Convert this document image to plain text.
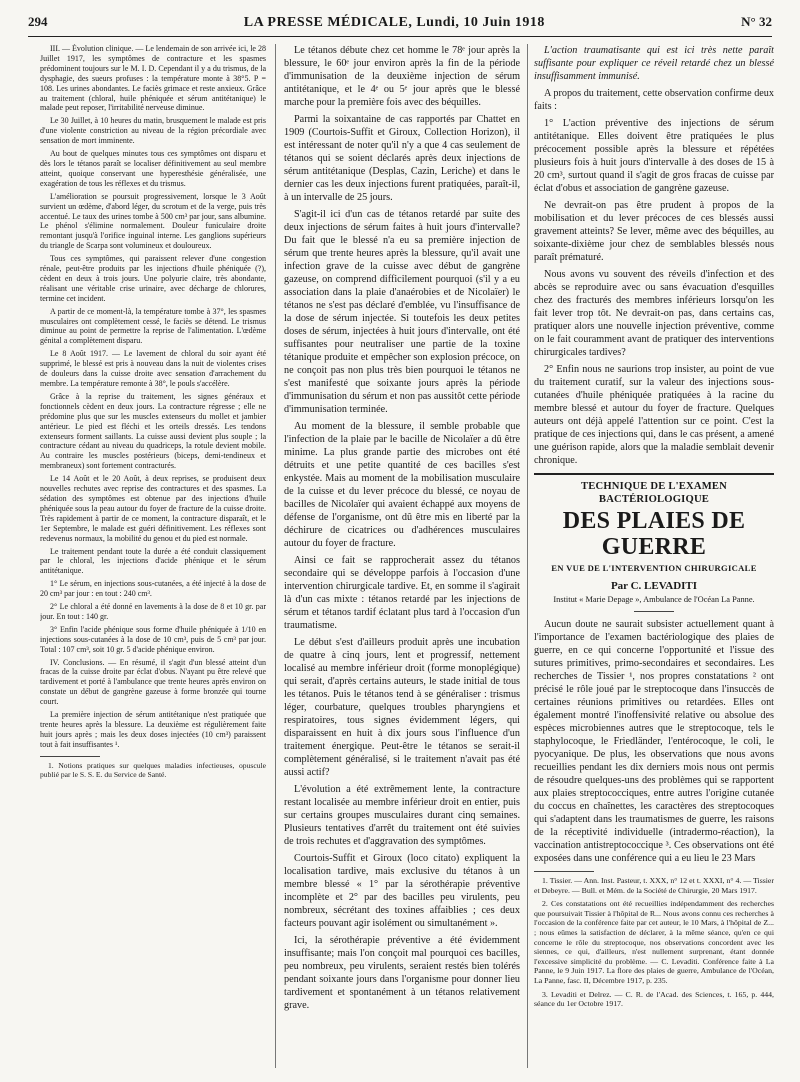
294	LA PRESSE MÉDICALE, Lundi, 10 Juin 1918	N° 32

III. — Évolution clinique. — Le lendemain de son arrivée ici, le 28 Juillet 1917, les symptômes de contracture et les spasmes prédominent toujours sur le M. I. D. Cependant il y a du trismus, de la dysphagie, des sueurs profuses : la température monte à 38°5. P = 108. Les urines abondantes. Le faciès grimace et reste anxieux. Grâce au traitement (chloral, huile phéniquée et sérum antitétanique) le malade peut reposer, l'irritabilité nerveuse diminue.

Le 30 Juillet, à 10 heures du matin, brusquement le malade est pris d'une violente constriction au niveau de la région précordiale avec sensation de mort imminente.

Au bout de quelques minutes tous ces symptômes ont disparu et dès lors le tétanos paraît se localiser définitivement au seul membre atteint, quoique conservant une hyperesthésie généralisée, une exagération de tous les réflexes et du trismus.

L'amélioration se poursuit progressivement, lorsque le 3 Août survient un œdème, d'abord léger, du scrotum et de la verge, puis très accentué. Le taux des urines tombe à 500 cm³ par jour, sans albumine. Le phénol s'élimine normalement. Douleur funiculaire droite remontant jusqu'à l'orifice inguinal interne. Les ganglions supérieurs du triangle de Scarpa sont volumineux et douloureux.

Tous ces symptômes, qui paraissent relever d'une congestion rénale, peut-être produits par les injections d'huile phéniquée (?), cèdent en deux à trois jours. Une polyurie claire, très abondante, réalisant une véritable crise urinaire, avec décharge de chlorures, termine cet incident.

A partir de ce moment-là, la température tombe à 37°, les spasmes musculaires ont complètement cessé, le faciès se détend. Le trismus diminue au point de permettre la reprise de l'alimentation. L'œdème génital a complètement disparu.

Le 8 Août 1917. — Le lavement de chloral du soir ayant été supprimé, le blessé est pris à nouveau dans la nuit de violentes crises de douleurs dans la cuisse droite avec sensation d'arrachement du membre. La température remonte à 38°, le pouls s'accélère.

Grâce à la reprise du traitement, les signes généraux et fonctionnels cèdent en deux jours. La contracture régresse ; elle ne prédomine plus que sur les muscles extenseurs du mollet et jambier antérieur. Le pied est fléchi et les orteils dressés. Les tendons extenseurs forment saillants. La cuisse aussi devient plus souple ; la contracture cédant au niveau du quadriceps, la rotule devient mobile. Au contraire les muscles postérieurs (biceps, demi-tendineux et membraneux) sont fortement contracturés.

Le 14 Août et le 20 Août, à deux reprises, se produisent deux nouvelles rechutes avec reprise des contractures et des spasmes. La sédation des symptômes est obtenue par des injections d'huile phéniquée sous la peau autour du foyer de fracture de la cuisse droite. Très rapidement à partir de ce moment, la contracture disparaît, et le 1er Septembre, le malade est guéri définitivement. Les réflexes sont redevenus normaux, la mobilité du genou et du pied est normale.

Le traitement pendant toute la durée a été conduit classiquement par le chloral, les injections d'acide phénique et le sérum antitétanique.

1° Le sérum, en injections sous-cutanées, a été injecté à la dose de 20 cm³ par jour : en tout : 240 cm³.

2° Le chloral a été donné en lavements à la dose de 8 et 10 gr. par jour. En tout : 140 gr.

3° Enfin l'acide phénique sous forme d'huile phéniquée à 1/10 en injections sous-cutanées à la dose de 10 cm³, puis de 5 cm³ par jour. Total : 107 cm³, soit 10 gr. 5 d'acide phénique environ.

IV. Conclusions. — En résumé, il s'agit d'un blessé atteint d'un fracas de la cuisse droite par éclat d'obus. N'ayant pu être relevé que tardivement et porté à l'ambulance que trente heures après environ on constate un début de gangrène gazeuse à forme bronzée qui tourne court.

La première injection de sérum antitétanique n'est pratiquée que trente heures après la blessure. La deuxième est régulièrement faite huit jours après ; mais les deux doses injectées (10 cm³) paraissent tout à fait insuffisantes ¹.

1. Notions pratiques sur quelques maladies infectieuses, opuscule publié par le S. S. E. du Service de Santé.

Le tétanos débute chez cet homme le 78ᵉ jour après la blessure, le 60ᵉ jour environ après la fin de la période d'immunisation de la deuxième injection de sérum antitétanique, et le 4ᵉ ou 5ᵉ jour après que le blessé marche pour la première fois avec des béquilles.

Parmi la soixantaine de cas rapportés par Chattet en 1909 (Courtois-Suffit et Giroux, Collection Horizon), il est intéressant de noter qu'il n'y a que 4 cas seulement de tétanos qui se soient déclarés après deux injections de sérum antitétanique (Desplas, Cazin, Leriche) et dans le dernier cas les deux injections furent pratiquées, paraît-il, à un intervalle de 25 jours.

S'agit-il ici d'un cas de tétanos retardé par suite des deux injections de sérum faites à huit jours d'intervalle? Du fait que le blessé n'a eu sa première injection de sérum que trente heures après la blessure, qu'il avait une infection grave de la cuisse avec début de gangrène gazeuse, on comprend difficilement pourquoi (s'il y a eu association dans la plaie d'anaérobies et de Nicolaïer) le tétanos ne s'est pas déclaré d'emblée, vu l'insuffisance de la dose de sérum injectée. Si toutefois les deux petites doses de sérum, injectées à huit jours d'intervalle, ont été suffisantes pour neutraliser une partie de la toxine tétanique produite et empêcher son explosion précoce, on ne conçoit pas non plus très bien pourquoi le tétanos ne s'est manifesté que soixante jours après la période d'immunisation du sérum et non pas aussitôt cette période d'immunisation terminée.

Au moment de la blessure, il semble probable que l'infection de la plaie par le bacille de Nicolaïer a dû être minime. La plus grande partie des microbes ont été détruits et une petite quantité de ces bacilles s'est enkystée. Mais au moment de la mobilisation musculaire de la cuisse et du lever précoce du blessé, ce noyau de bacilles de Nicolaïer qui avaient échappé aux moyens de défense de l'organisme, ont dû être mis en liberté par la déchirure de cicatrices ou d'adhérences musculaires autour du foyer de fracture.

Ainsi ce fait se rapprocherait assez du tétanos secondaire qui se développe parfois à l'occasion d'une intervention chirurgicale tardive. Et, en somme il s'agirait là d'un cas mixte : tétanos retardé par les injections de sérum et tétanos tardif éclatant plus tard à l'occasion d'un traumatisme.

Le début s'est d'ailleurs produit après une incubation de quatre à cinq jours, lent et progressif, nettement localisé au membre inférieur droit (forme monoplégique) qui serait, d'après certains auteurs, le stade initial de tous les tétanos. Puis le tétanos tend à se généraliser : trismus léger, courbature, quelques troubles pharyngiens et respiratoires, tous signes évidemment légers, qui disparaissent en huit à dix jours sous l'influence d'un traitement énergique. Peut-être le tétanos se serait-il complètement généralisé, si le traitement n'avait pas été aussi actif?

L'évolution a été extrêmement lente, la contracture restant localisée au membre inférieur droit en entier, puis sur certains groupes musculaires durant cinq semaines. Plusieurs tentatives d'arrêt du traitement ont été suivies de trois rechutes et d'aggravation des symptômes.

Courtois-Suffit et Giroux (loco citato) expliquent la localisation tardive, mais exclusive du tétanos à un membre blessé « 1° par la sérothérapie préventive incomplète et 2° par des bacilles peu virulents, peu nombreux, sécrétant des toxines affaiblies ; ces deux facteurs pouvant agir isolément ou simultanément ».

Ici, la sérothérapie préventive a été évidemment insuffisante; mais l'on conçoit mal pourquoi ces bacilles, peu nombreux, peu virulents, seraient restés bien tolérés pendant soixante jours dans l'organisme pour donner lieu tardivement et spontanément à un tétanos relativement grave.

L'action traumatisante qui est ici très nette paraît suffisante pour expliquer ce réveil retardé chez un blessé insuffisamment immunisé.

A propos du traitement, cette observation confirme deux faits :

1° L'action préventive des injections de sérum antitétanique. Elles doivent être pratiquées le plus précocement possible après la blessure et répétées plusieurs fois à huit jours d'intervalle à des doses de 15 à 20 cm³, surtout quand il s'agit de gros fracas de cuisse par éclat d'obus et association de gangrène gazeuse.

Ne devrait-on pas être prudent à propos de la mobilisation et du lever précoces de ces blessés aussi gravement atteints? Se lever, même avec des béquilles, au soixante-dixième jour chez de semblables blessés nous paraît prématuré.

Nous avons vu souvent des réveils d'infection et des abcès se reproduire avec ou sans évacuation d'esquilles chez des fracturés des membres inférieurs lorsqu'on les fait lever trop tôt. Ne devrait-on pas, dans certains cas, pratiquer alors une nouvelle injection préventive, comme on le fait couramment avant de pratiquer des interventions chirurgicales tardives?

2° Enfin nous ne saurions trop insister, au point de vue du traitement curatif, sur la valeur des injections sous-cutanées d'huile phéniquée pratiquées à la racine du membre blessé et autour du foyer de fracture. Quelques auteurs ont déjà appelé l'attention sur ce point. C'est la pratique de ces injections qui, dans le cas présent, a amené une guérison rapide, alors que la maladie semblait devenir chronique.

TECHNIQUE DE L'EXAMEN BACTÉRIOLOGIQUE
DES PLAIES DE GUERRE
EN VUE DE L'INTERVENTION CHIRURGICALE
Par C. LEVADITI
Institut « Marie Depage », Ambulance de l'Océan La Panne.

Aucun doute ne saurait subsister actuellement quant à l'importance de l'examen bactériologique des plaies de guerre, en ce qui concerne l'opportunité et l'issue des sutures primitives, primo-secondaires et secondaires. Les recherches de Tissier ¹, nos propres constatations ² ont précisé le rôle joué par le streptocoque dans l'insuccès de certaines réunions primitives ou retardées. Elles ont également montré l'inoffensivité relative ou absolue des espèces microbiennes autres que le streptocoque, tels le staphylocoque, le Friedländer, l'entérocoque, le coli, le pyocyanique. De plus, les observations que nous avons recueillies pendant les dix derniers mois nous ont permis de résoudre quelques-uns des problèmes qui se rapportent aux plaies streptococciques, entre autres l'origine cutanée du coccus en chaînettes, les caractères des streptocoques qui s'adaptent dans les traumatismes de guerre, les raisons de la réceptivité individuelle (intradermo-réaction), la vaccination antistreptococcique ³. Ces observations ont été exposées dans une conférence qui a eu lieu le 23 Mars

1. Tissier. — Ann. Inst. Pasteur, t. XXX, n° 12 et t. XXXI, n° 4. — Tissier et Debeyre. — Bull. et Mém. de la Société de Chirurgie, 20 Mars 1917.

2. Ces constatations ont été recueillies indépendamment des recherches que poursuivait Tissier à l'hôpital de R... Nous avons connu ces recherches à l'occasion de la conférence faite par cet auteur, le 10 Mars, à l'hôpital de Z... ; nous eûmes la satisfaction de déclarer, à la même séance, qu'en ce qui concerne le rôle du streptocoque, nos observations concordent avec les siennes, ce qui, d'ailleurs, n'est nullement surprenant, étant donnée l'excessive simplicité du problème. — C. Levaditi. Conférence faite à La Panne, le 9 Juin 1917. La flore des plaies de guerre, Ambulance de l'Océan, La Panne, fasc. II, Décembre 1917, p. 235.

3. Levaditi et Delrez. — C. R. de l'Acad. des Sciences, t. 165, p. 444, séance du 1er Octobre 1917.
